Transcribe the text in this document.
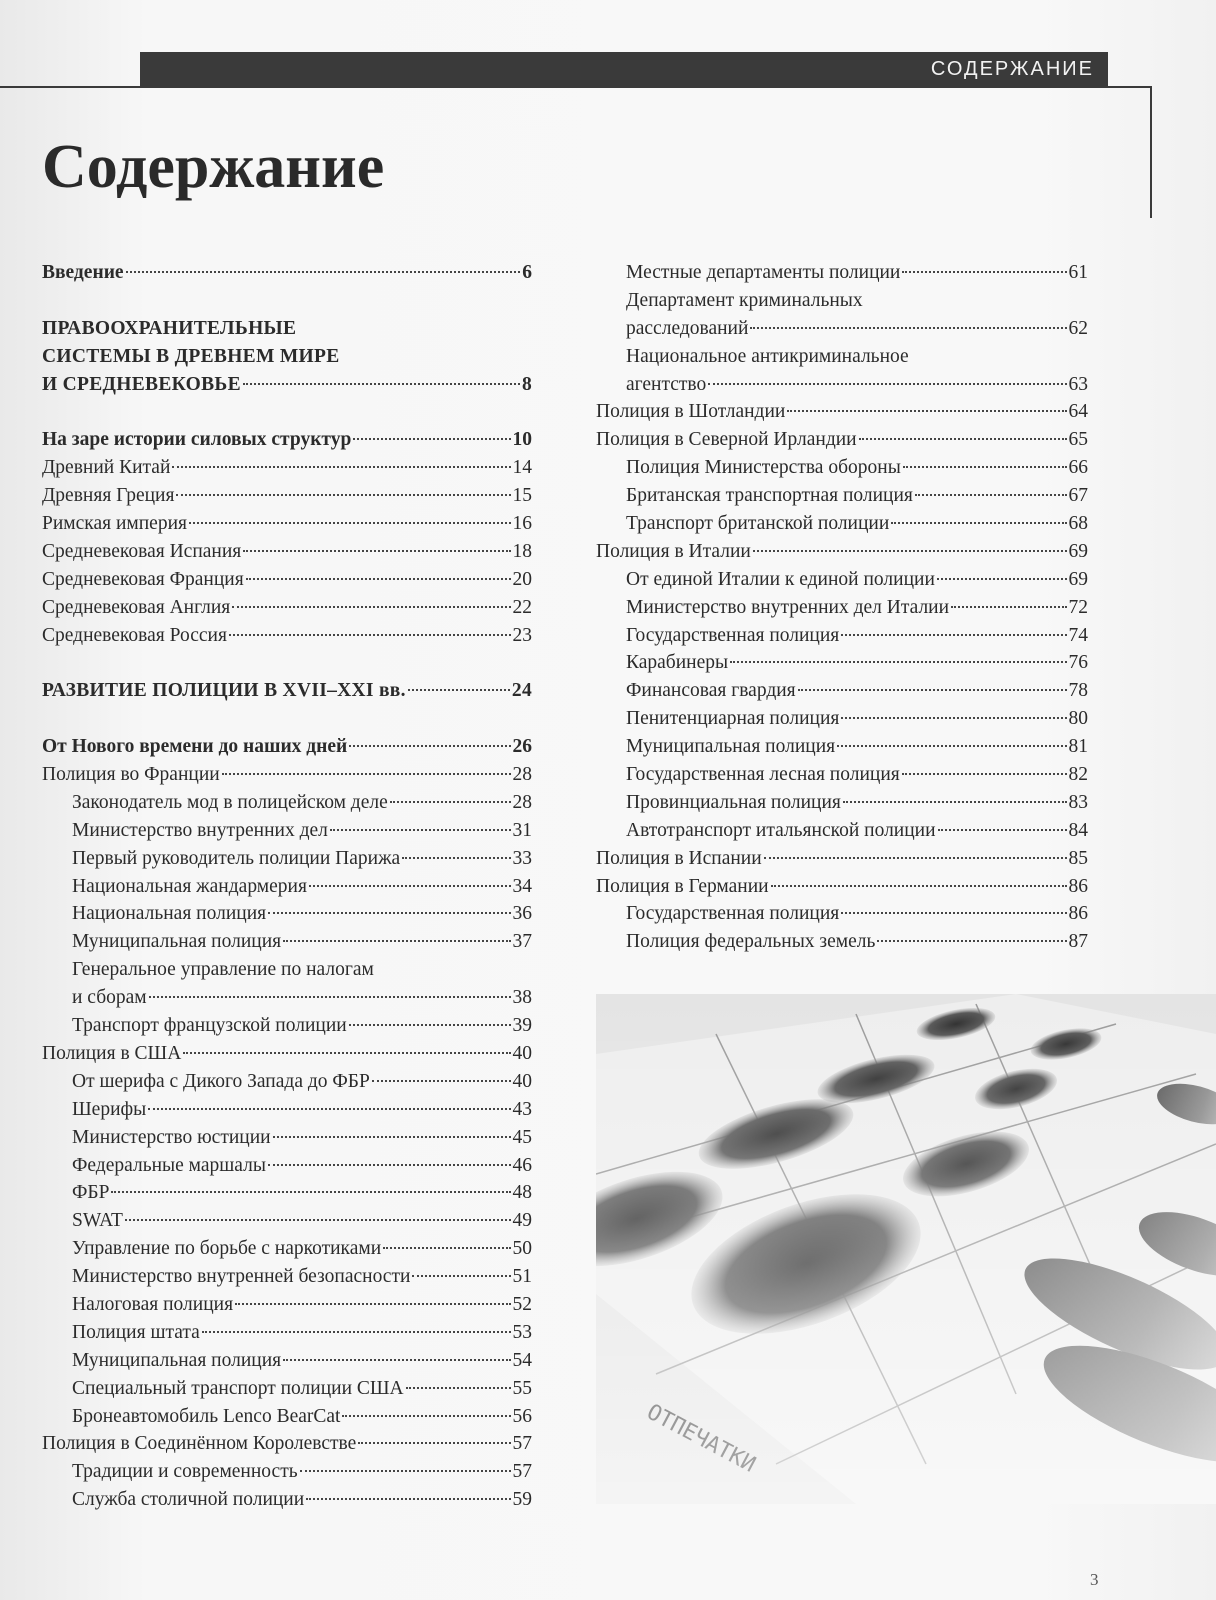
СОДЕРЖАНИЕ
Содержание
Введение	6
ПРАВООХРАНИТЕЛЬНЫЕ
СИСТЕМЫ В ДРЕВНЕМ МИРЕ
И СРЕДНЕВЕКОВЬЕ	8
На заре истории силовых структур	10
Древний Китай	14
Древняя Греция	15
Римская империя	16
Средневековая Испания	18
Средневековая Франция	20
Средневековая Англия	22
Средневековая Россия	23
РАЗВИТИЕ ПОЛИЦИИ В XVII–XXI вв.	24
От Нового времени до наших дней	26
Полиция во Франции	28
Законодатель мод в полицейском деле	28
Министерство внутренних дел	31
Первый руководитель полиции Парижа	33
Национальная жандармерия	34
Национальная полиция	36
Муниципальная полиция	37
Генеральное управление по налогам
и сборам	38
Транспорт французской полиции	39
Полиция в США	40
От шерифа с Дикого Запада до ФБР	40
Шерифы	43
Министерство юстиции	45
Федеральные маршалы	46
ФБР	48
SWAT	49
Управление по борьбе с наркотиками	50
Министерство внутренней безопасности	51
Налоговая полиция	52
Полиция штата	53
Муниципальная полиция	54
Специальный транспорт полиции США	55
Бронеавтомобиль Lenco BearCat	56
Полиция в Соединённом Королевстве	57
Традиции и современность	57
Служба столичной полиции	59
Местные департаменты полиции	61
Департамент криминальных
расследований	62
Национальное антикриминальное
агентство	63
Полиция в Шотландии	64
Полиция в Северной Ирландии	65
Полиция Министерства обороны	66
Британская транспортная полиция	67
Транспорт британской полиции	68
Полиция в Италии	69
От единой Италии к единой полиции	69
Министерство внутренних дел Италии	72
Государственная полиция	74
Карабинеры	76
Финансовая гвардия	78
Пенитенциарная полиция	80
Муниципальная полиция	81
Государственная лесная полиция	82
Провинциальная полиция	83
Автотранспорт итальянской полиции	84
Полиция в Испании	85
Полиция в Германии	86
Государственная полиция	86
Полиция федеральных земель	87
3
